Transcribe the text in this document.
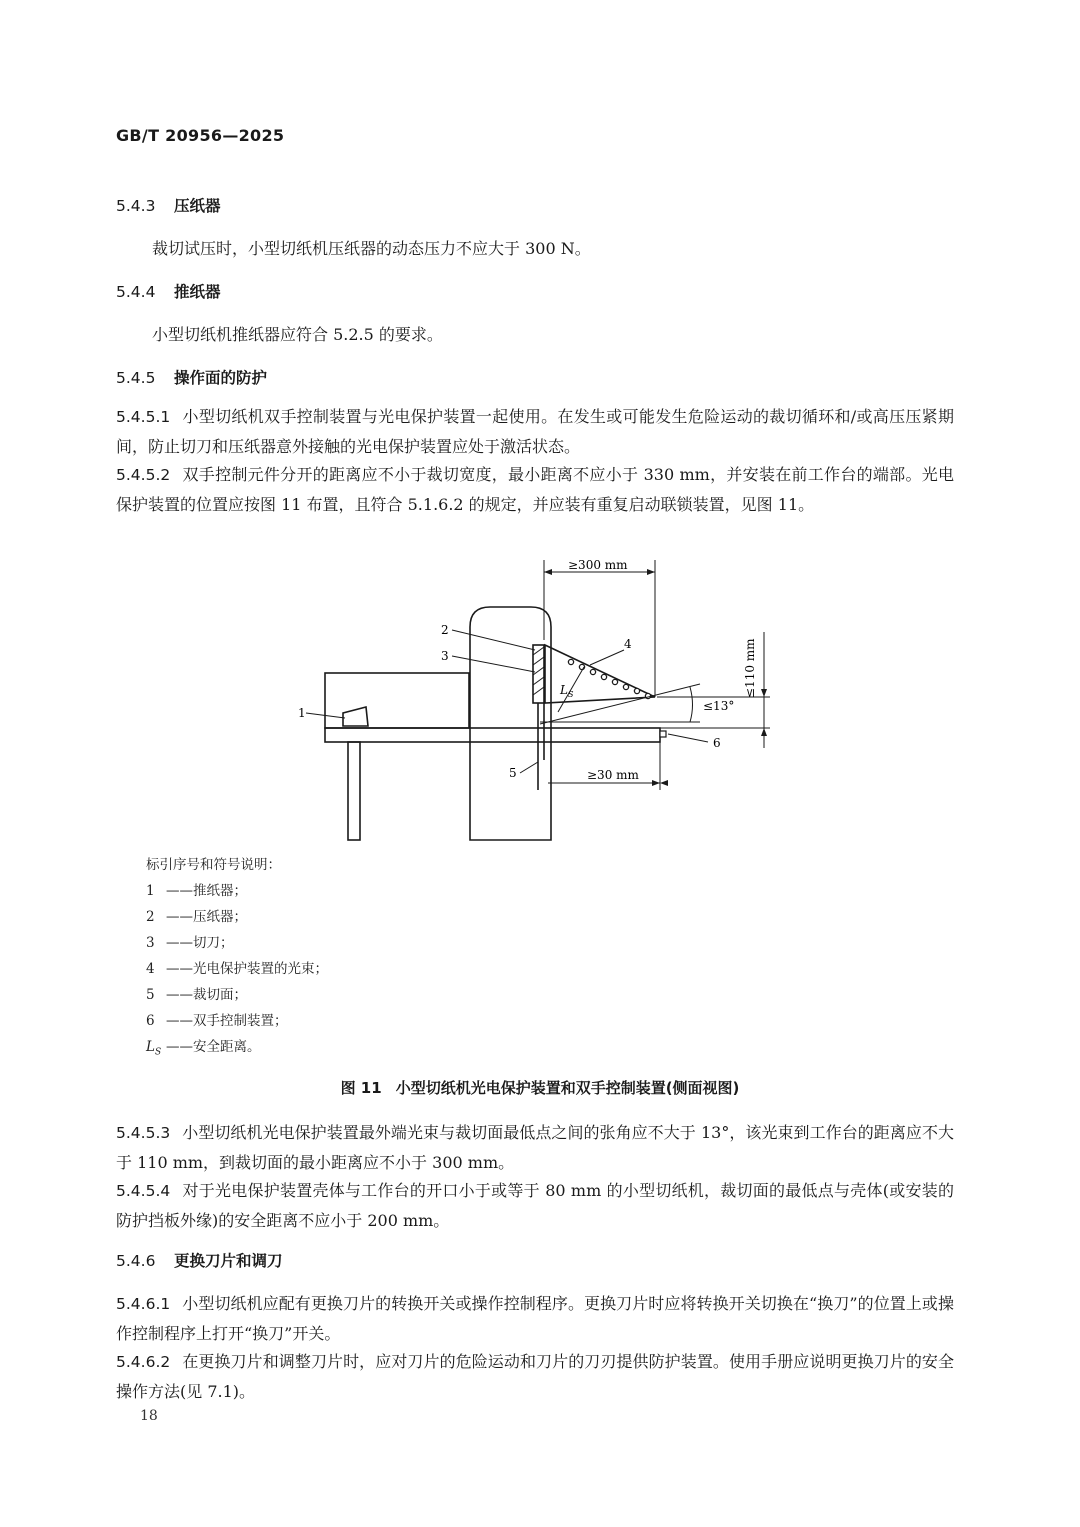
GB/T 20956—2025
5.4.3 压纸器
裁切试压时，小型切纸机压纸器的动态压力不应大于 300 N。
5.4.4 推纸器
小型切纸机推纸器应符合 5.2.5 的要求。
5.4.5 操作面的防护
5.4.5.1 小型切纸机双手控制装置与光电保护装置一起使用。在发生或可能发生危险运动的裁切循环和/或高压压紧期间，防止切刀和压纸器意外接触的光电保护装置应处于激活状态。
5.4.5.2 双手控制元件分开的距离应不小于裁切宽度，最小距离不应小于 330 mm，并安装在前工作台的端部。光电保护装置的位置应按图 11 布置，且符合 5.1.6.2 的规定，并应装有重复启动联锁装置，见图 11。
≥300 mm
≤110 mm
≤13°
≥30 mm
$L_S$
1
2
3
4
5
6
标引序号和符号说明：
1 ——推纸器；
2 ——压纸器；
3 ——切刀；
4 ——光电保护装置的光束；
5 ——裁切面；
6 ——双手控制装置；
$L_S$ ——安全距离。
图 11 小型切纸机光电保护装置和双手控制装置(侧面视图)
5.4.5.3 小型切纸机光电保护装置最外端光束与裁切面最低点之间的张角应不大于 13°，该光束到工作台的距离应不大于 110 mm，到裁切面的最小距离应不小于 300 mm。
5.4.5.4 对于光电保护装置壳体与工作台的开口小于或等于 80 mm 的小型切纸机，裁切面的最低点与壳体(或安装的防护挡板外缘)的安全距离不应小于 200 mm。
5.4.6 更换刀片和调刀
5.4.6.1 小型切纸机应配有更换刀片的转换开关或操作控制程序。更换刀片时应将转换开关切换在“换刀”的位置上或操作控制程序上打开“换刀”开关。
5.4.6.2 在更换刀片和调整刀片时，应对刀片的危险运动和刀片的刀刃提供防护装置。使用手册应说明更换刀片的安全操作方法(见 7.1)。
18
